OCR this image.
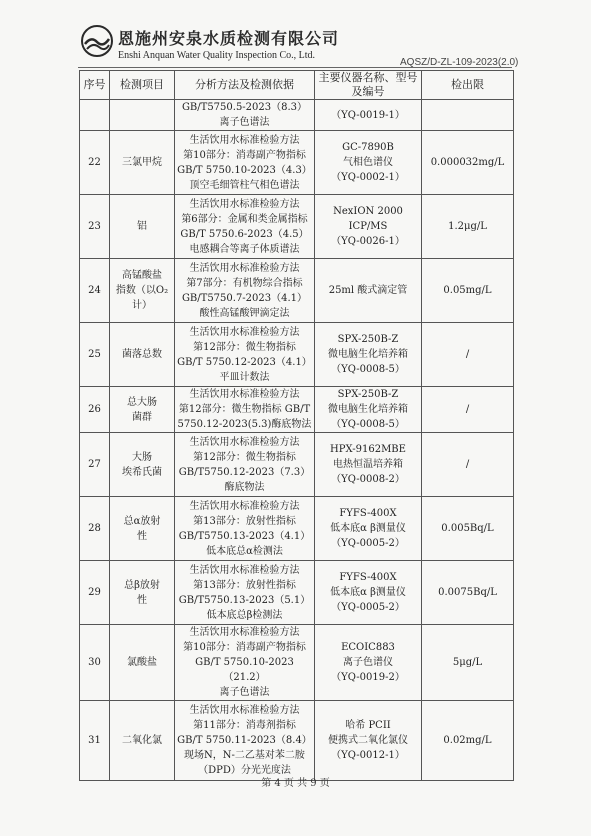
恩施州安泉水质检测有限公司
Enshi Anquan Water Quality Inspection Co., Ltd.
AQSZ/D-ZL-109-2023(2.0)
序号	检测项目	分析方法及检测依据	主要仪器名称、型号及编号	检出限
		GB/T5750.5-2023（8.3）
离子色谱法	（YQ-0019-1）	
22	三氯甲烷	生活饮用水标准检验方法
第10部分：消毒副产物指标
GB/T 5750.10-2023（4.3）
顶空毛细管柱气相色谱法	GC-7890B
气相色谱仪
（YQ-0002-1）	0.000032mg/L
23	铝	生活饮用水标准检验方法
第6部分：金属和类金属指标
GB/T 5750.6-2023（4.5）
电感耦合等离子体质谱法	NexION 2000
ICP/MS
（YQ-0026-1）	1.2μg/L
24	高锰酸盐
指数（以O₂
计）	生活饮用水标准检验方法
第7部分：有机物综合指标
GB/T5750.7-2023（4.1）
酸性高锰酸钾滴定法	25ml 酸式滴定管	0.05mg/L
25	菌落总数	生活饮用水标准检验方法
第12部分：微生物指标
GB/T 5750.12-2023（4.1）
平皿计数法	SPX-250B-Z
微电脑生化培养箱
（YQ-0008-5）	/
26	总大肠
菌群	生活饮用水标准检验方法
第12部分：微生物指标 GB/T
5750.12-2023(5.3)酶底物法	SPX-250B-Z
微电脑生化培养箱
（YQ-0008-5）	/
27	大肠
埃希氏菌	生活饮用水标准检验方法
第12部分：微生物指标
GB/T5750.12-2023（7.3）
酶底物法	HPX-9162MBE
电热恒温培养箱
（YQ-0008-2）	/
28	总α放射
性	生活饮用水标准检验方法
第13部分：放射性指标
GB/T5750.13-2023（4.1）
低本底总α检测法	FYFS-400X
低本底α β测量仪
（YQ-0005-2）	0.005Bq/L
29	总β放射
性	生活饮用水标准检验方法
第13部分：放射性指标
GB/T5750.13-2023（5.1）
低本底总β检测法	FYFS-400X
低本底α β测量仪
（YQ-0005-2）	0.0075Bq/L
30	氯酸盐	生活饮用水标准检验方法
第10部分：消毒副产物指标
GB/T 5750.10-2023（21.2）
离子色谱法	ECOIC883
离子色谱仪
（YQ-0019-2）	5μg/L
31	二氧化氯	生活饮用水标准检验方法
第11部分：消毒剂指标
GB/T 5750.11-2023（8.4）
现场N，N-二乙基对苯二胺
（DPD）分光光度法	哈希 PCII
便携式二氧化氯仪
（YQ-0012-1）	0.02mg/L
第 4 页 共 9 页
